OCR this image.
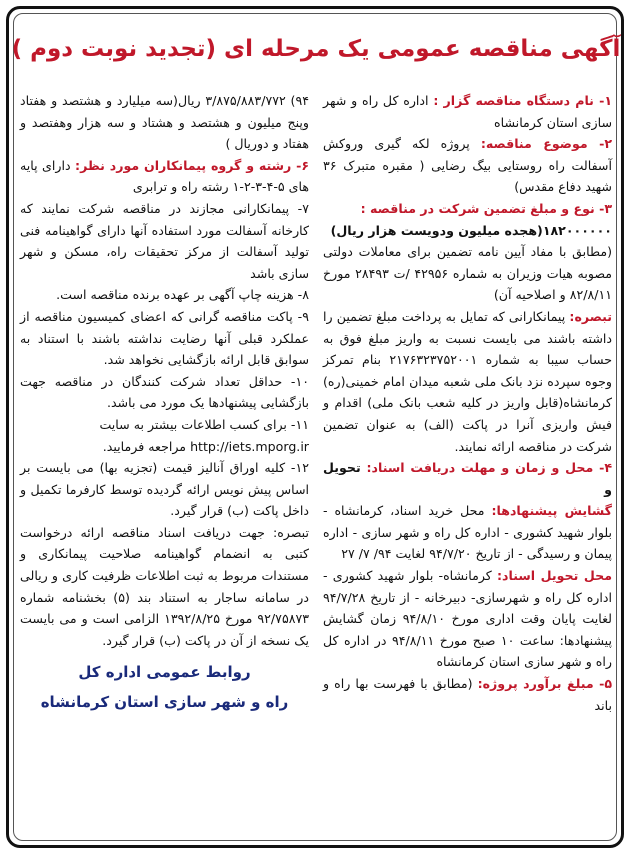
آگهی مناقصه عمومی یک مرحله ای (تجدید نوبت دوم )

۱- نام دستگاه مناقصه گزار : اداره کل راه و شهر سازی استان کرمانشاه

۲- موضوع مناقصه: پروژه لکه گیری وروکش آسفالت راه روستایی بیگ رضایی ( مقبره متبرک ۳۶ شهید دفاع مقدس)

۳- نوع و مبلغ تضمین شرکت در مناقصه :

۱۸۲۰۰۰۰۰۰(هجده میلیون ودویست هزار ریال)

(مطابق با مفاد آیین نامه تضمین برای معاملات دولتی مصوبه هیات وزیران به شماره ۴۲۹۵۶ /ت ۲۸۴۹۳ مورخ ۸۲/۸/۱۱ و اصلاحیه آن)

تبصره: پیمانکارانی که تمایل به پرداخت مبلغ تضمین را داشته باشند می بایست نسبت به واریز مبلغ فوق به حساب سیبا به شماره ۲۱۷۶۳۲۳۷۵۲۰۰۱ بنام تمرکز وجوه سپرده نزد بانک ملی شعبه میدان امام خمینی(ره) کرمانشاه(قابل واریز در کلیه شعب بانک ملی) اقدام و فیش واریزی آنرا در پاکت (الف) به عنوان تضمین شرکت در مناقصه ارائه نمایند.

۴- محل و زمان و مهلت دریافت اسناد: تحویل و

گشایش پیشنهادها: محل خرید اسناد، کرمانشاه - بلوار شهید کشوری - اداره کل راه و شهر سازی - اداره پیمان و رسیدگی - از تاریخ ۹۴/۷/۲۰ لغایت ۹۴/ ۷/ ۲۷

محل تحویل اسناد: کرمانشاه- بلوار شهید کشوری - اداره کل راه و شهرسازی- دبیرخانه - از تاریخ ۹۴/۷/۲۸ لغایت پایان وقت اداری مورخ ۹۴/۸/۱۰ زمان گشایش پیشنهادها: ساعت ۱۰ صبح مورخ ۹۴/۸/۱۱ در اداره کل راه و شهر سازی استان کرمانشاه

۵- مبلغ برآورد پروژه: (مطابق با فهرست بها راه و باند

۹۴) ۳/۸۷۵/۸۸۳/۷۷۲ ریال(سه میلیارد و هشتصد و هفتاد وپنج میلیون و هشتصد و هشتاد و سه هزار وهفتصد و هفتاد و دوریال )

۶- رشته و گروه پیمانکاران مورد نظر: دارای پایه های ۵-۴-۳-۲-۱ رشته راه و ترابری

۷- پیمانکارانی مجازند در مناقصه شرکت نمایند که کارخانه آسفالت مورد استفاده آنها دارای گواهینامه فنی تولید آسفالت از مرکز تحقیقات راه، مسکن و شهر سازی باشد

۸- هزینه چاپ آگهی بر عهده برنده مناقصه است.

۹- پاکت مناقصه گرانی که اعضای کمیسیون مناقصه از عملکرد قبلی آنها رضایت نداشته باشند با استناد به سوابق قابل ارائه بازگشایی نخواهد شد.

۱۰- حداقل تعداد شرکت کنندگان در مناقصه جهت بازگشایی پیشنهادها یک مورد می باشد.

۱۱- برای کسب اطلاعات بیشتر به سایت
http://iets.mporg.ir مراجعه فرمایید.

۱۲- کلیه اوراق آنالیز قیمت (تجزیه بها) می بایست بر اساس پیش نویس ارائه گردیده توسط کارفرما تکمیل و داخل پاکت (ب) قرار گیرد.

تبصره: جهت دریافت اسناد مناقصه ارائه درخواست کتبی به انضمام گواهینامه صلاحیت پیمانکاری و مستندات مربوط به ثبت اطلاعات ظرفیت کاری و ریالی در سامانه ساجار به استناد بند (۵) بخشنامه شماره ۹۲/۷۵۸۷۳ مورخ ۱۳۹۲/۸/۲۵ الزامی است و می بایست یک نسخه از آن در پاکت (ب) قرار گیرد.

روابط عمومی اداره کل
راه و شهر سازی استان کرمانشاه
